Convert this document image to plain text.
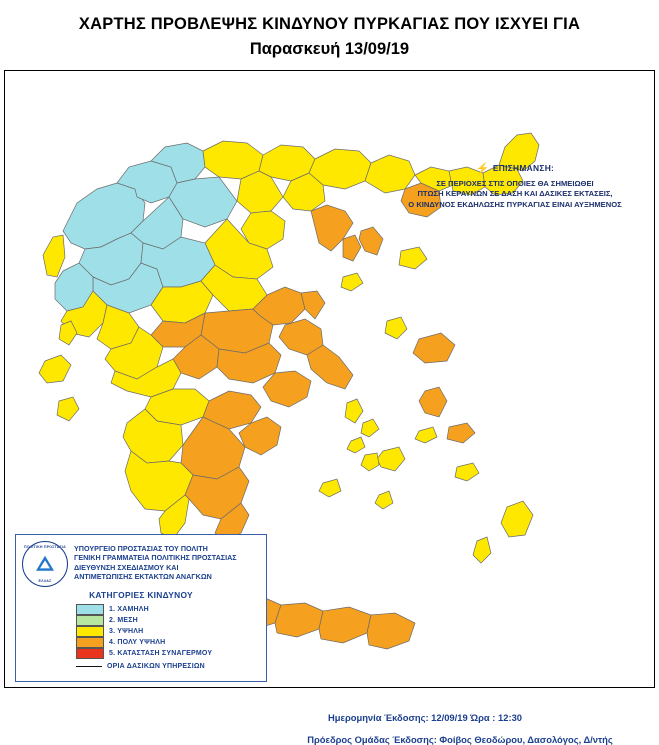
ΧΑΡΤΗΣ ΠΡΟΒΛΕΨΗΣ ΚΙΝΔΥΝΟΥ ΠΥΡΚΑΓΙΑΣ ΠΟΥ ΙΣΧΥΕΙ ΓΙΑ
Παρασκευή 13/09/19
⚡ ΕΠΙΣΗΜΑΝΣΗ:
ΣΕ ΠΕΡΙΟΧΕΣ ΣΤΙΣ ΟΠΟΙΕΣ ΘΑ ΣΗΜΕΙΩΘΕΙ
ΠΤΩΣΗ ΚΕΡΑΥΝΩΝ ΣΕ ΔΑΣΗ ΚΑΙ ΔΑΣΙΚΕΣ ΕΚΤΑΣΕΙΣ,
Ο ΚΙΝΔΥΝΟΣ ΕΚΔΗΛΩΣΗΣ ΠΥΡΚΑΓΙΑΣ ΕΙΝΑΙ ΑΥΞΗΜΕΝΟΣ
ΠΟΛΙΤΙΚΗ ΠΡΟΣΤΑΣΙΑ
ΕΛΛΑΣ
ΥΠΟΥΡΓΕΙΟ ΠΡΟΣΤΑΣΙΑΣ ΤΟΥ ΠΟΛΙΤΗ
ΓΕΝΙΚΗ ΓΡΑΜΜΑΤΕΙΑ ΠΟΛΙΤΙΚΗΣ ΠΡΟΣΤΑΣΙΑΣ
ΔΙΕΥΘΥΝΣΗ ΣΧΕΔΙΑΣΜΟΥ ΚΑΙ
ΑΝΤΙΜΕΤΩΠΙΣΗΣ ΕΚΤΑΚΤΩΝ ΑΝΑΓΚΩΝ
ΚΑΤΗΓΟΡΙΕΣ ΚΙΝΔΥΝΟΥ
1. ΧΑΜΗΛΗ
2. ΜΕΣΗ
3. ΥΨΗΛΗ
4. ΠΟΛΥ ΥΨΗΛΗ
5. ΚΑΤΑΣΤΑΣΗ ΣΥΝΑΓΕΡΜΟΥ
ΟΡΙΑ ΔΑΣΙΚΩΝ ΥΠΗΡΕΣΙΩΝ
Ημερομηνία Έκδοσης: 12/09/19 Ώρα : 12:30
Πρόεδρος Ομάδας Έκδοσης: Φοίβος Θεοδώρου, Δασολόγος, Δ/ντής
